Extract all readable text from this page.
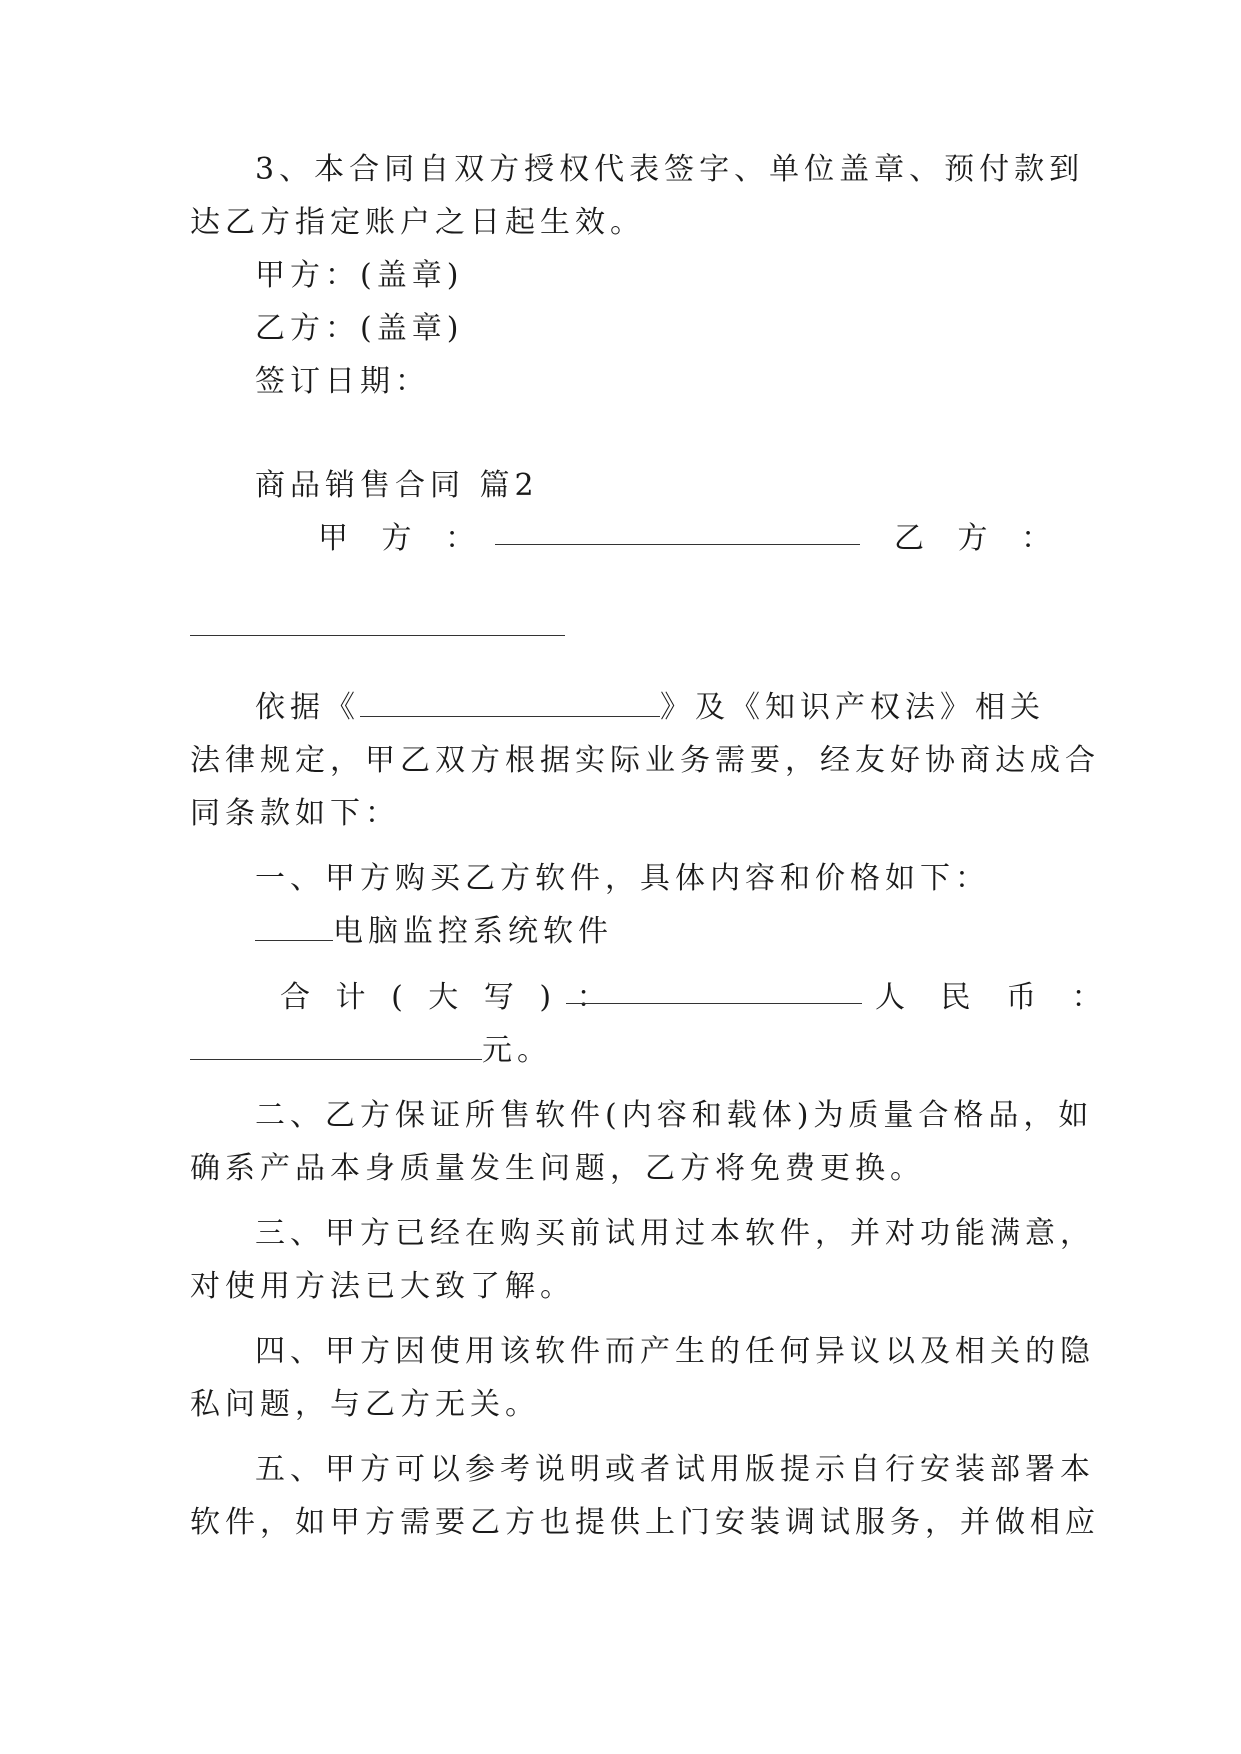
3、本合同自双方授权代表签字、单位盖章、预付款到
达乙方指定账户之日起生效。
甲方：(盖章)
乙方：(盖章)
签订日期：
商品销售合同 篇2
甲 方 ：	乙 方 ：
依据《	》及《知识产权法》相关
法律规定，甲乙双方根据实际业务需要，经友好协商达成合
同条款如下：
一、甲方购买乙方软件，具体内容和价格如下：
电脑监控系统软件
合 计 ( 大 写 ) ：	人 民 币 ：
元。
二、乙方保证所售软件(内容和载体)为质量合格品，如
确系产品本身质量发生问题，乙方将免费更换。
三、甲方已经在购买前试用过本软件，并对功能满意，
对使用方法已大致了解。
四、甲方因使用该软件而产生的任何异议以及相关的隐
私问题，与乙方无关。
五、甲方可以参考说明或者试用版提示自行安装部署本
软件，如甲方需要乙方也提供上门安装调试服务，并做相应
